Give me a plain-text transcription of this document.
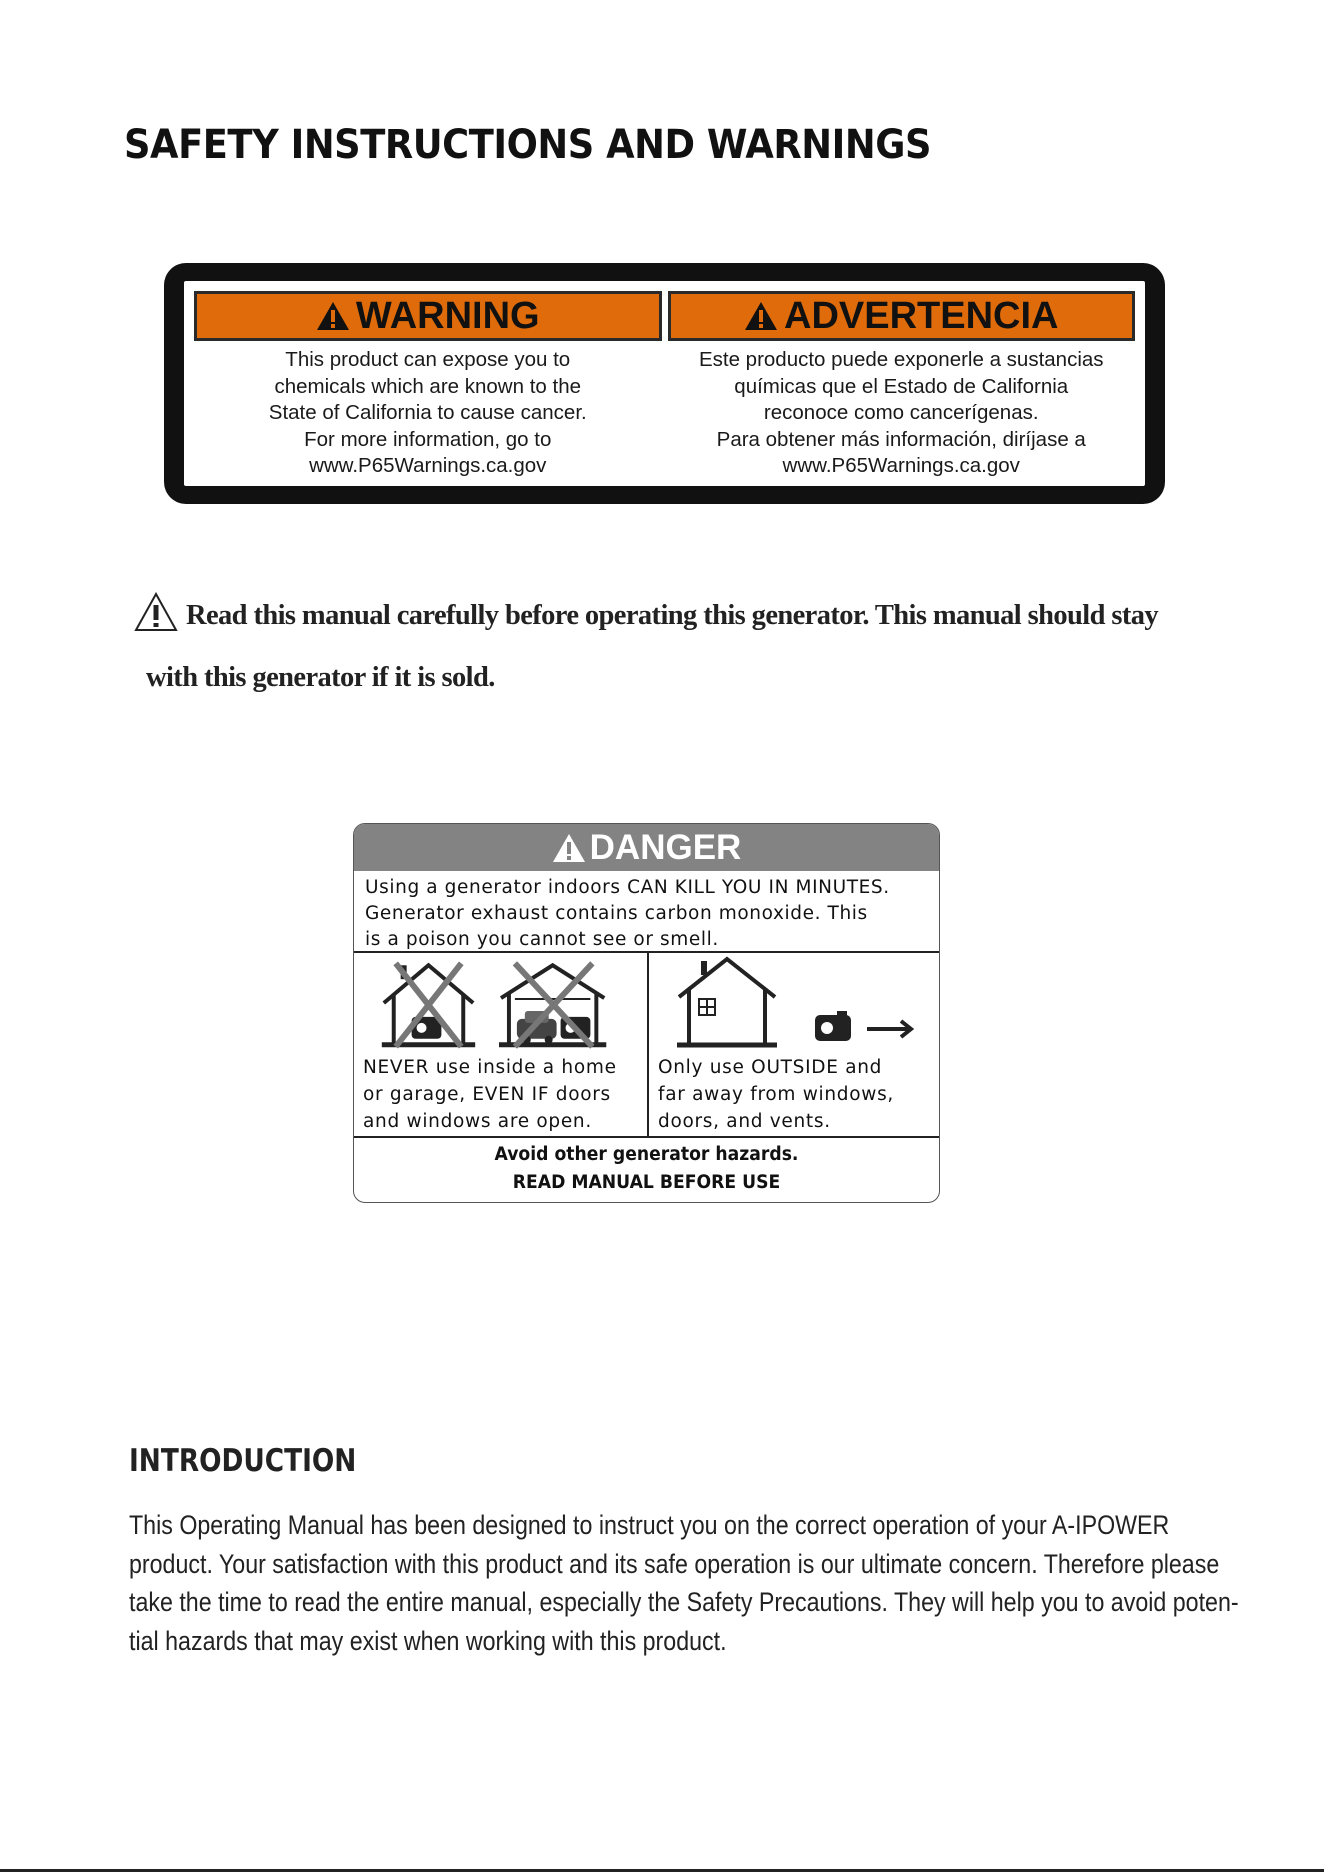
SAFETY INSTRUCTIONS AND WARNINGS
WARNING
This product can expose you to
chemicals which are known to the
State of California to cause cancer.
For more information, go to
www.P65Warnings.ca.gov
ADVERTENCIA
Este producto puede exponerle a sustancias
químicas que el Estado de California
reconoce como cancerígenas.
Para obtener más información, diríjase a
www.P65Warnings.ca.gov
Read this manual carefully before operating this generator. This manual should stay
with this generator if it is sold.
DANGER
Using a generator indoors CAN KILL YOU IN MINUTES.
Generator exhaust contains carbon monoxide. This
is a poison you cannot see or smell.
NEVER use inside a home
or garage, EVEN IF doors
and windows are open.
Only use OUTSIDE and
far away from windows,
doors, and vents.
Avoid other generator hazards.
READ MANUAL BEFORE USE
INTRODUCTION
This Operating Manual has been designed to instruct you on the correct operation of your A-IPOWER
product. Your satisfaction with this product and its safe operation is our ultimate concern. Therefore please
take the time to read the entire manual, especially the Safety Precautions. They will help you to avoid poten-
tial hazards that may exist when working with this product.
